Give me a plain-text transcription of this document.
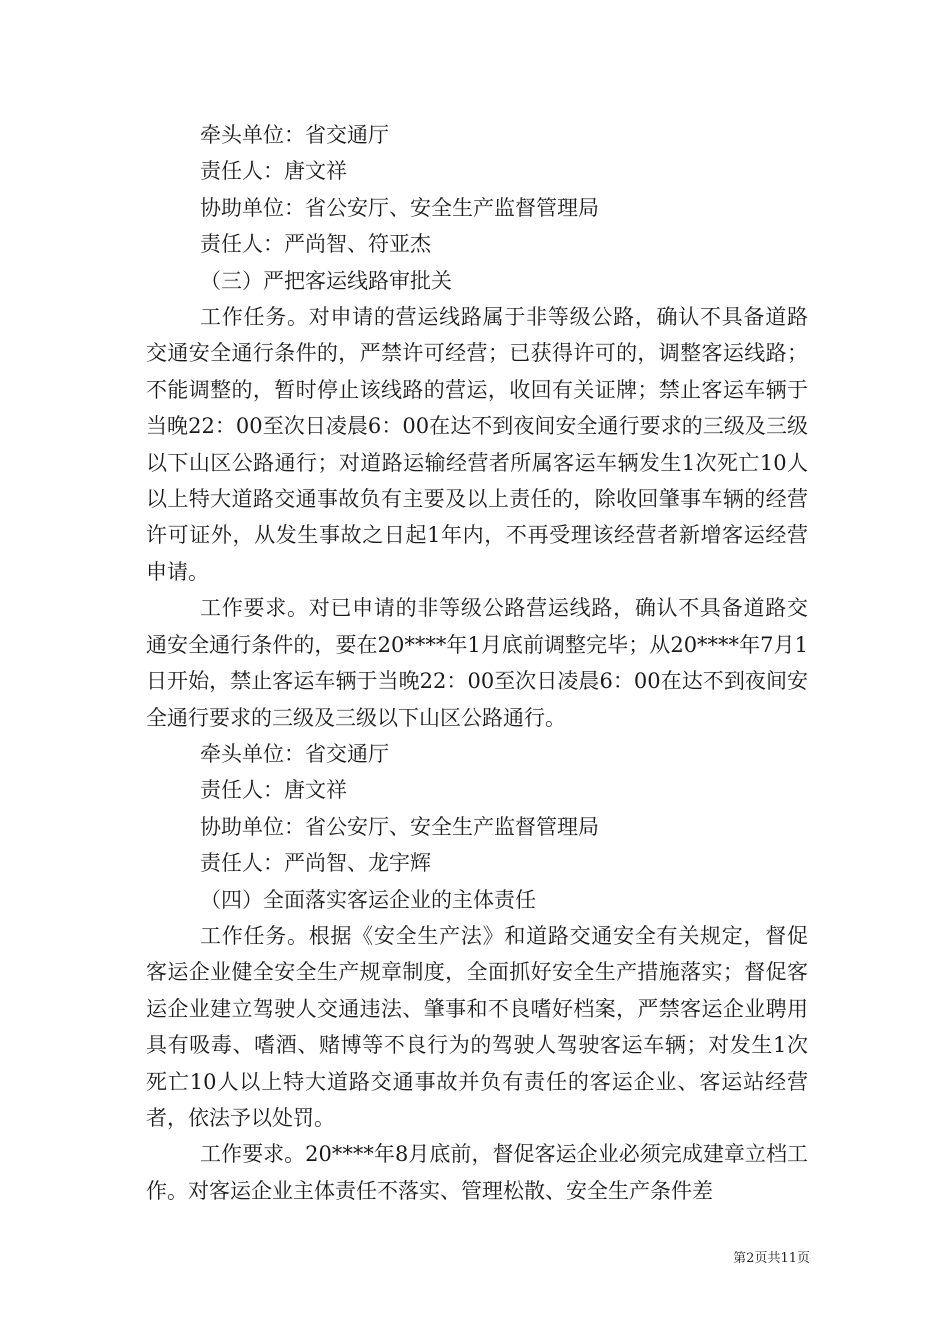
牵头单位：省交通厅

责任人：唐文祥

协助单位：省公安厅、安全生产监督管理局

责任人：严尚智、符亚杰

（三）严把客运线路审批关

工作任务。对申请的营运线路属于非等级公路，确认不具备道路交通安全通行条件的，严禁许可经营；已获得许可的，调整客运线路；不能调整的，暂时停止该线路的营运，收回有关证牌；禁止客运车辆于当晚22：00至次日凌晨6：00在达不到夜间安全通行要求的三级及三级以下山区公路通行；对道路运输经营者所属客运车辆发生1次死亡10人以上特大道路交通事故负有主要及以上责任的，除收回肇事车辆的经营许可证外，从发生事故之日起1年内，不再受理该经营者新增客运经营申请。

工作要求。对已申请的非等级公路营运线路，确认不具备道路交通安全通行条件的，要在20****年1月底前调整完毕；从20****年7月1日开始，禁止客运车辆于当晚22：00至次日凌晨6：00在达不到夜间安全通行要求的三级及三级以下山区公路通行。

牵头单位：省交通厅

责任人：唐文祥

协助单位：省公安厅、安全生产监督管理局

责任人：严尚智、龙宇辉

（四）全面落实客运企业的主体责任

工作任务。根据《安全生产法》和道路交通安全有关规定，督促客运企业健全安全生产规章制度，全面抓好安全生产措施落实；督促客运企业建立驾驶人交通违法、肇事和不良嗜好档案，严禁客运企业聘用具有吸毒、嗜酒、赌博等不良行为的驾驶人驾驶客运车辆；对发生1次死亡10人以上特大道路交通事故并负有责任的客运企业、客运站经营者，依法予以处罚。

工作要求。20****年8月底前，督促客运企业必须完成建章立档工作。对客运企业主体责任不落实、管理松散、安全生产条件差

第2页共11页
